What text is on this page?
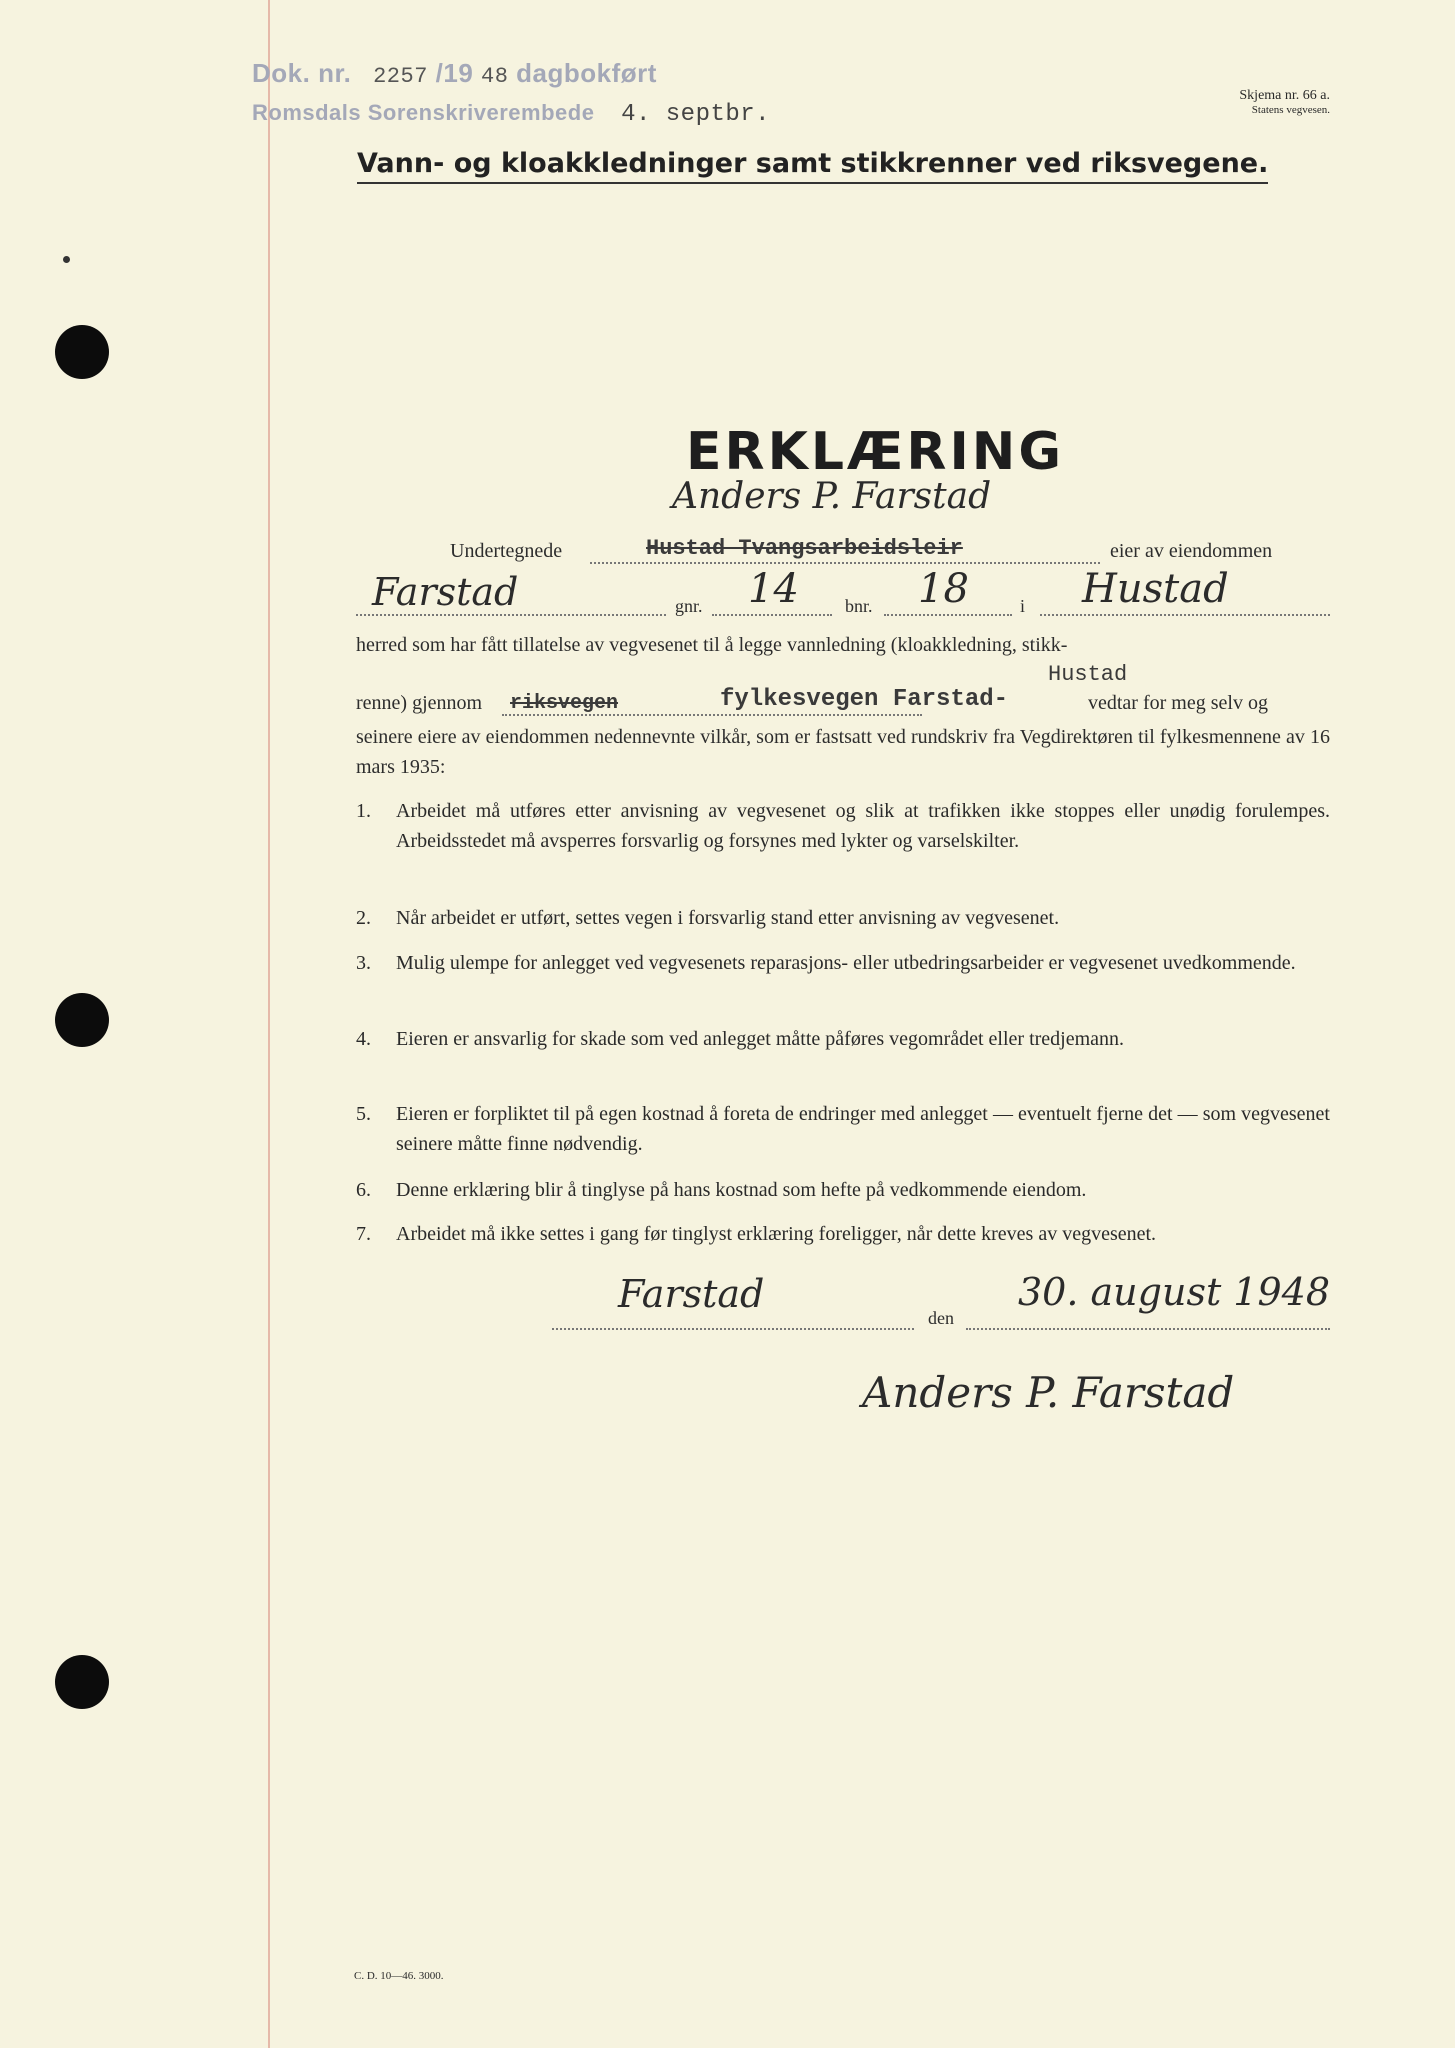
Dok. nr. 2257 /19 48 dagbokført
Romsdals Sorenskriverembede 4. septbr.
Skjema nr. 66 a.
Statens vegvesen.
Vann- og kloakkledninger samt stikkrenner ved riksvegene.
ERKLÆRING
Anders P. Farstad
Undertegnede	Hustad Tvangsarbeidsleir	eier av eiendommen
Farstad	gnr. 14	bnr. 18	i Hustad
herred som har fått tillatelse av vegvesenet til å legge vannledning (kloakkledning, stikk-
Hustad
renne) gjennom riksvegen	fylkesvegen Farstad-	vedtar for meg selv og
seinere eiere av eiendommen nedennevnte vilkår, som er fastsatt ved rundskriv fra Vegdirektøren til fylkesmennene av 16 mars 1935:
1.	Arbeidet må utføres etter anvisning av vegvesenet og slik at trafikken ikke stoppes eller unødig forulempes. Arbeidsstedet må avsperres forsvarlig og forsynes med lykter og varselskilter.
2.	Når arbeidet er utført, settes vegen i forsvarlig stand etter anvisning av vegvesenet.
3.	Mulig ulempe for anlegget ved vegvesenets reparasjons- eller utbedringsarbeider er vegvesenet uvedkommende.
4.	Eieren er ansvarlig for skade som ved anlegget måtte påføres vegområdet eller tredjemann.
5.	Eieren er forpliktet til på egen kostnad å foreta de endringer med anlegget — eventuelt fjerne det — som vegvesenet seinere måtte finne nødvendig.
6.	Denne erklæring blir å tinglyse på hans kostnad som hefte på vedkommende eiendom.
7.	Arbeidet må ikke settes i gang før tinglyst erklæring foreligger, når dette kreves av vegvesenet.
Farstad
den
30. august 1948
Anders P. Farstad
C. D. 10—46. 3000.
